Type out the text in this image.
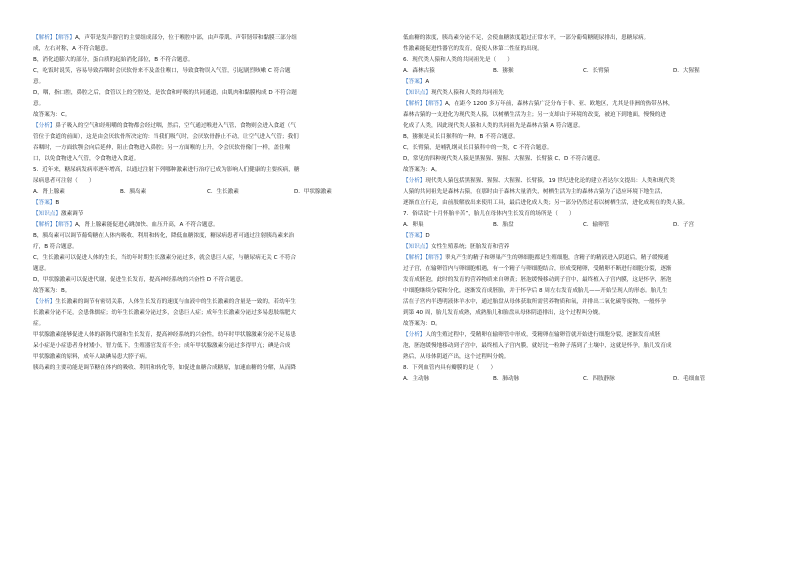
【解析】【解答】A，声带是发声器官的主要组成部分，位于喉腔中部，由声带肌、声带韧带和黏膜三部分组
成，左右对称，A 不符合题意。
B，消化道膨大的部分，蛋白质的起始消化部位，B 不符合题意。
C，吃饭时说笑，容易导致吞咽时会厌软骨来不及盖住喉口，导致食物误入气管，引起剧烈咳嗽 C 符合题
意。
D，咽，指口腔，鼻腔之后，食管以上的空腔处，是饮食和呼吸的共同通道，由肌肉和黏膜构成 D 不符合题
意。
故答案为：C。
【分析】鼻子吸入的空气和经咀嚼的食物都会经过咽，然后，空气通过喉进入气管，食物则会进入食道（气
管位于食道的前面），这是由会厌软骨所决定的：当我们吸气时，会厌软骨静止不动，让空气进入气管；我们
吞咽时，一方面软颚会向后延伸，阻止食物进入鼻腔；另一方面喉的上升，令会厌软骨像门一样，盖住喉
口，以免食物进入气管，令食物进入食道。
5．近年来，糖尿病发病率逐年增高，以通过注射下列哪种激素进行治疗已成为影响人们健康的主要疾病，糖
尿病患者可注射（　　）
A．肾上腺素	B．胰岛素	C．生长激素	D．甲状腺激素
【答案】B
【知识点】激素调节
【解析】【解答】A，肾上腺素能促进心跳加快、血压升高，A 不符合题意。
B，胰岛素可以调节葡萄糖在人体内吸收、利用和转化，降低血糖浓度，糖尿病患者可通过注射胰岛素来治
疗，B 符合题意。
C，生长激素可以促进人体的生长，当幼年时期生长激素分泌过多，就会患巨人症，与糖尿病无关 C 不符合
题意。
D，甲状腺激素可以促进代谢，促进生长发育，提高神经系统的兴奋性 D 不符合题意。
故答案为：B。
【分析】生长激素的调节有密切关系，人体生长发育的速度与血液中的生长激素的含量是一致的，若幼年生
长激素分泌不足，会患侏儒症；幼年生长激素分泌过多，会患巨人症；成年生长激素分泌过多易患肢端肥大
症。
甲状腺激素能够促进人体的新陈代谢和生长发育，提高神经系统的兴奋性，幼年时甲状腺激素分泌不足易患
呆小症是小症患者身材矮小，智力低下，生殖器官发育不全；成年甲状腺激素分泌过多得甲亢；碘是合成
甲状腺激素的原料，成年人缺碘易患大脖子病。
胰岛素的主要功能是调节糖在体内的吸收、利用和转化等，如促进血糖合成糖原，加速血糖的分解，从而降
低血糖的浓度，胰岛素分泌不足，会使血糖浓度超过正常水平，一部分葡萄糖随尿排出，患糖尿病。
性激素能促进性器官的发育，促使人体第二性征的出现。
6．现代类人猿和人类的共同祖先是（　　）
A．森林古猿	B．猕猴	C．长臂猿	D．大猩猩
【答案】A
【知识点】现代类人猿和人类的共同祖先
【解析】【解答】A，在距今 1200 多万年前，森林古猿广泛分布于非、亚、欧地区，尤其是非洲的热带丛林，
森林古猿的一支进化为现代类人猿，以树栖生活为主；另一支却由于环境的改变，被迫下到地面，慢慢的进
化成了人类，因此现代类人猿和人类的共同祖先是森林古猿 A 符合题意。
B，猕猴是灵长目猴科的一种，B 不符合题意。
C，长臂猿，是哺乳纲灵长目猿科中的一类，C 不符合题意。
D，常见的四种现代类人猿是黑猩猩、猩猩、大猩猩、长臂猿 C、D 不符合题意。
故答案为：A。
【分析】现代类人猿包括黑猩猩、猩猩、大猩猩、长臂猿，19 世纪进化论的建立者达尔文提出：人类和现代类
人猿的共同祖先是森林古猿，在那时由于森林大量消失，树栖生活为主的森林古猿为了适应环境下地生活，
逐渐直立行走，由前肢解放出来使用工具，最后进化成人类；另一部分仍然过着以树栖生活，进化成现在的类人猿。
7．俗话说“十月怀胎辛苦”，胎儿在母体内生长发育的场所是（　　）
A．卵巢	B．胎盘	C．输卵管	D．子宫
【答案】D
【知识点】女性生殖系统；胚胎发育和营养
【解析】【解答】睾丸产生的精子和卵巢产生的卵细胞都是生殖细胞，含精子的精液进入阴道后，精子缓慢通
过子宫，在输卵管内与卵细胞相遇，有一个精子与卵细胞结合，形成受精卵，受精卵不断进行细胞分裂，逐渐
发育成胚泡，此时的发育的营养物质来自卵黄；胚泡缓慢移动到子宫中，最终植入子宫内膜，这是怀孕，胚泡
中细胞继续分裂和分化，逐渐发育成胚胎，并于怀孕后 8 周左右发育成胎儿——开始呈现人的形态。胎儿生
活在子宫内半透明液体羊水中，通过胎盘从母体获取所需营养物质和氧，并排出二氧化碳等废物，一般怀孕
到第 40 周，胎儿发育成熟，成熟胎儿和胎盘从母体阴道排出，这个过程叫分娩。
故答案为：D。
【分析】人的生殖过程中，受精卵在输卵管中形成，受精卵在输卵管就开始进行细胞分裂，逐渐发育成胚
泡，胚泡缓慢地移动到子宫中，最终植入子宫内膜，就好比一粒种子落到了土壤中，这就是怀孕，胎儿发育成
熟后，从母体阴道产出，这个过程叫分娩。
8．下列血管内具有瓣膜的是（　　）
A．主动脉	B．肺动脉	C．四肢静脉	D．毛细血管
